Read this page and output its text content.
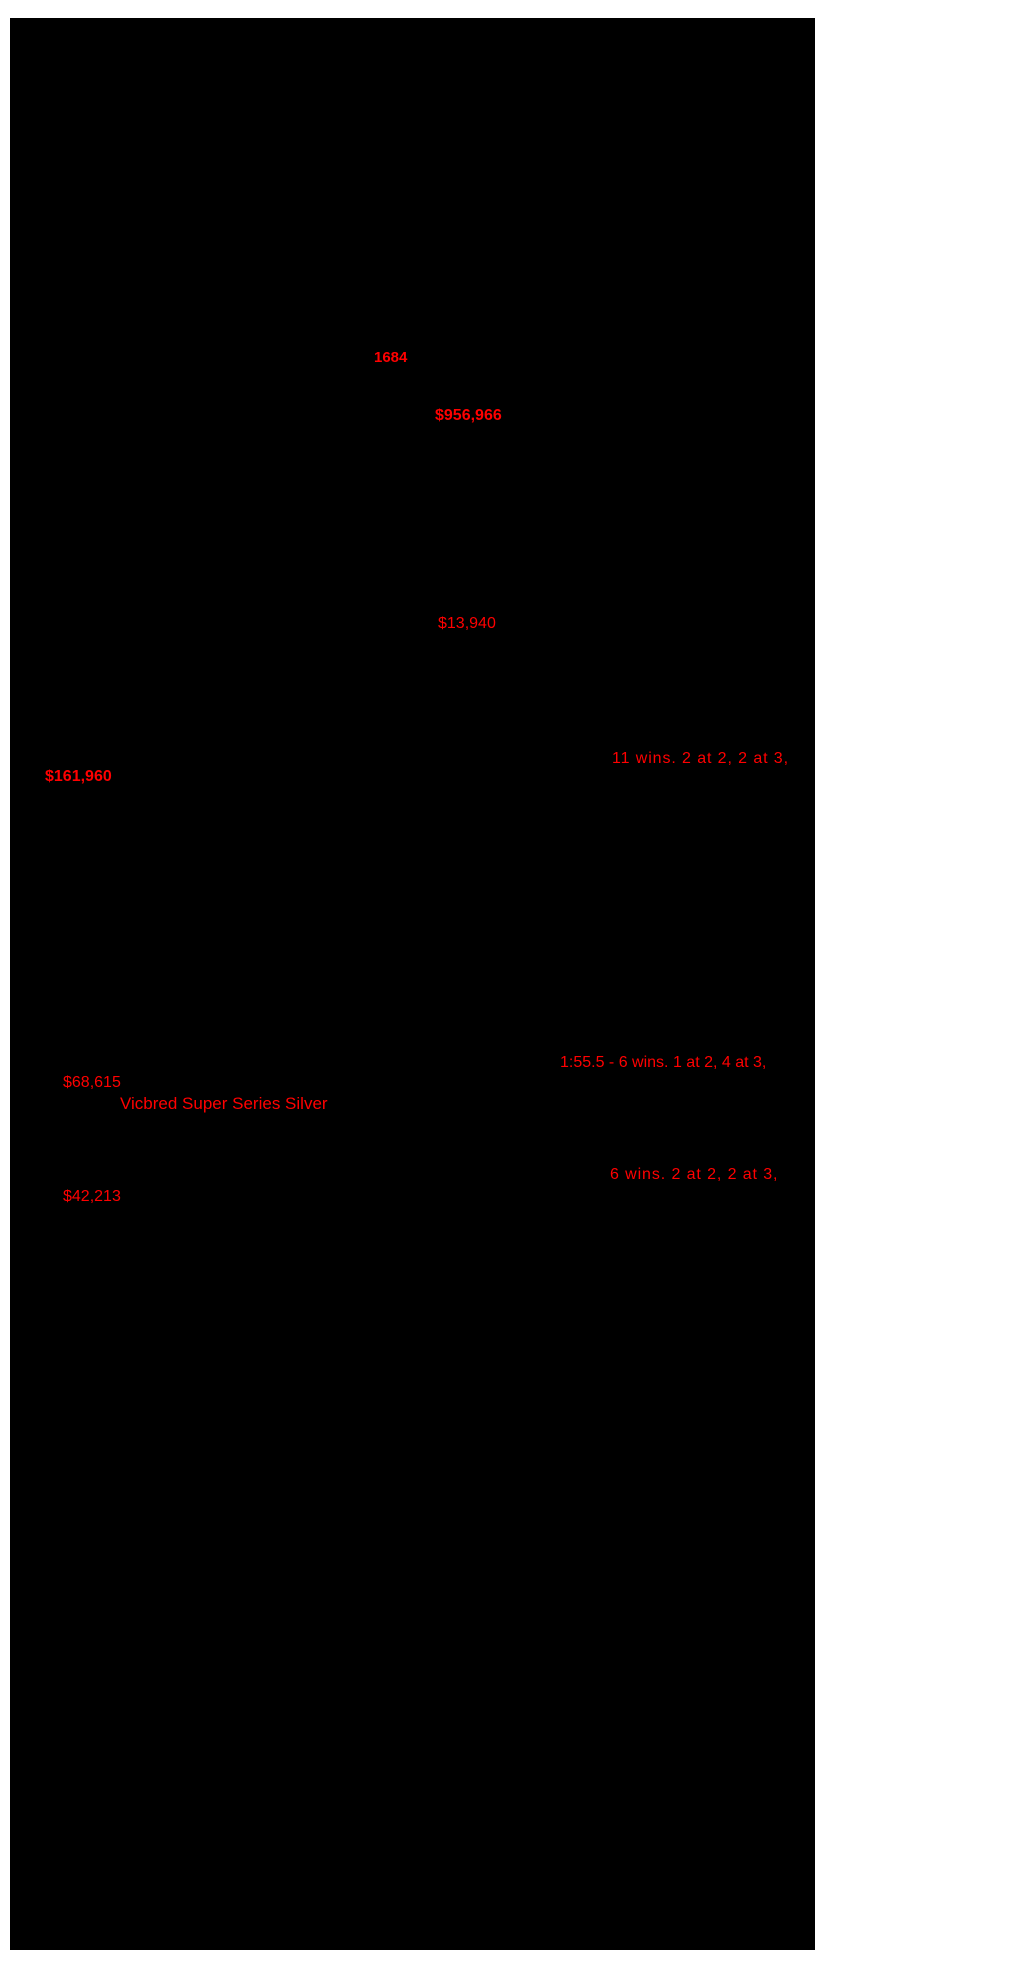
1684
$956,966
$13,940
11 wins. 2 at 2, 2 at 3,
$161,960
1:55.5 - 6 wins. 1 at 2, 4 at 3,
$68,615
Vicbred Super Series Silver
6 wins. 2 at 2, 2 at 3,
$42,213
